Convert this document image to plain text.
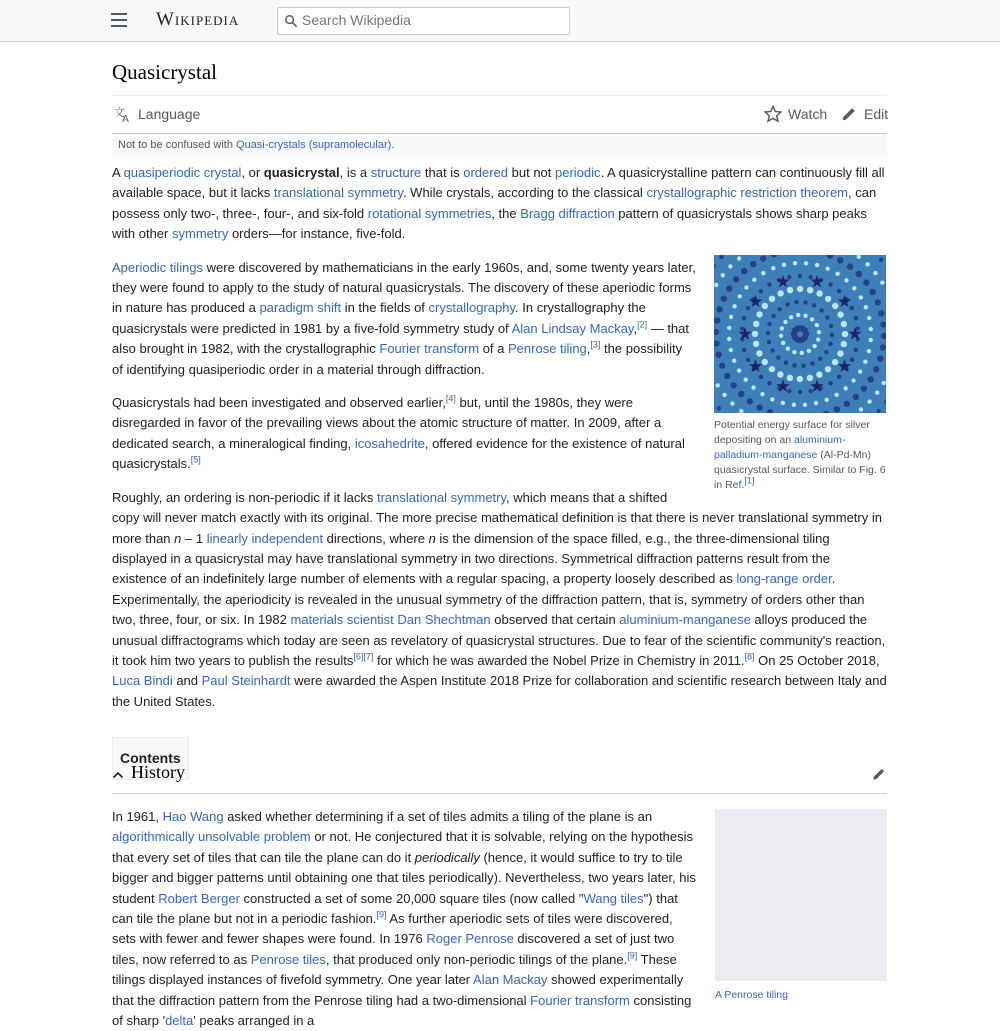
Wikipedia
Search Wikipedia
Quasicrystal
文
A Language	Watch	Edit
Not to be confused with Quasi-crystals (supramolecular).

A quasiperiodic crystal, or quasicrystal, is a structure that is ordered but not periodic. A quasicrystalline pattern can continuously fill all available space, but it lacks translational symmetry. While crystals, according to the classical crystallographic restriction theorem, can possess only two-, three-, four-, and six-fold rotational symmetries, the Bragg diffraction pattern of quasicrystals shows sharp peaks with other symmetry orders—for instance, five-fold.

Potential energy surface for silver depositing on an aluminium-palladium-manganese (Al-Pd-Mn) quasicrystal surface. Similar to Fig. 6 in Ref.[1]

Aperiodic tilings were discovered by mathematicians in the early 1960s, and, some twenty years later, they were found to apply to the study of natural quasicrystals. The discovery of these aperiodic forms in nature has produced a paradigm shift in the fields of crystallography. In crystallography the quasicrystals were predicted in 1981 by a five-fold symmetry study of Alan Lindsay Mackay,[2] — that also brought in 1982, with the crystallographic Fourier transform of a Penrose tiling,[3] the possibility of identifying quasiperiodic order in a material through diffraction.

Quasicrystals had been investigated and observed earlier,[4] but, until the 1980s, they were disregarded in favor of the prevailing views about the atomic structure of matter. In 2009, after a dedicated search, a mineralogical finding, icosahedrite, offered evidence for the existence of natural quasicrystals.[5]

Roughly, an ordering is non-periodic if it lacks translational symmetry, which means that a shifted copy will never match exactly with its original. The more precise mathematical definition is that there is never translational symmetry in more than n – 1 linearly independent directions, where n is the dimension of the space filled, e.g., the three-dimensional tiling displayed in a quasicrystal may have translational symmetry in two directions. Symmetrical diffraction patterns result from the existence of an indefinitely large number of elements with a regular spacing, a property loosely described as long-range order. Experimentally, the aperiodicity is revealed in the unusual symmetry of the diffraction pattern, that is, symmetry of orders other than two, three, four, or six. In 1982 materials scientist Dan Shechtman observed that certain aluminium-manganese alloys produced the unusual diffractograms which today are seen as revelatory of quasicrystal structures. Due to fear of the scientific community's reaction, it took him two years to publish the results[6][7] for which he was awarded the Nobel Prize in Chemistry in 2011.[8] On 25 October 2018, Luca Bindi and Paul Steinhardt were awarded the Aspen Institute 2018 Prize for collaboration and scientific research between Italy and the United States.

Contents
History
A Penrose tiling

In 1961, Hao Wang asked whether determining if a set of tiles admits a tiling of the plane is an algorithmically unsolvable problem or not. He conjectured that it is solvable, relying on the hypothesis that every set of tiles that can tile the plane can do it periodically (hence, it would suffice to try to tile bigger and bigger patterns until obtaining one that tiles periodically). Nevertheless, two years later, his student Robert Berger constructed a set of some 20,000 square tiles (now called "Wang tiles") that can tile the plane but not in a periodic fashion.[9] As further aperiodic sets of tiles were discovered, sets with fewer and fewer shapes were found. In 1976 Roger Penrose discovered a set of just two tiles, now referred to as Penrose tiles, that produced only non-periodic tilings of the plane.[9] These tilings displayed instances of fivefold symmetry. One year later Alan Mackay showed experimentally that the diffraction pattern from the Penrose tiling had a two-dimensional Fourier transform consisting of sharp 'delta' peaks arranged in a
